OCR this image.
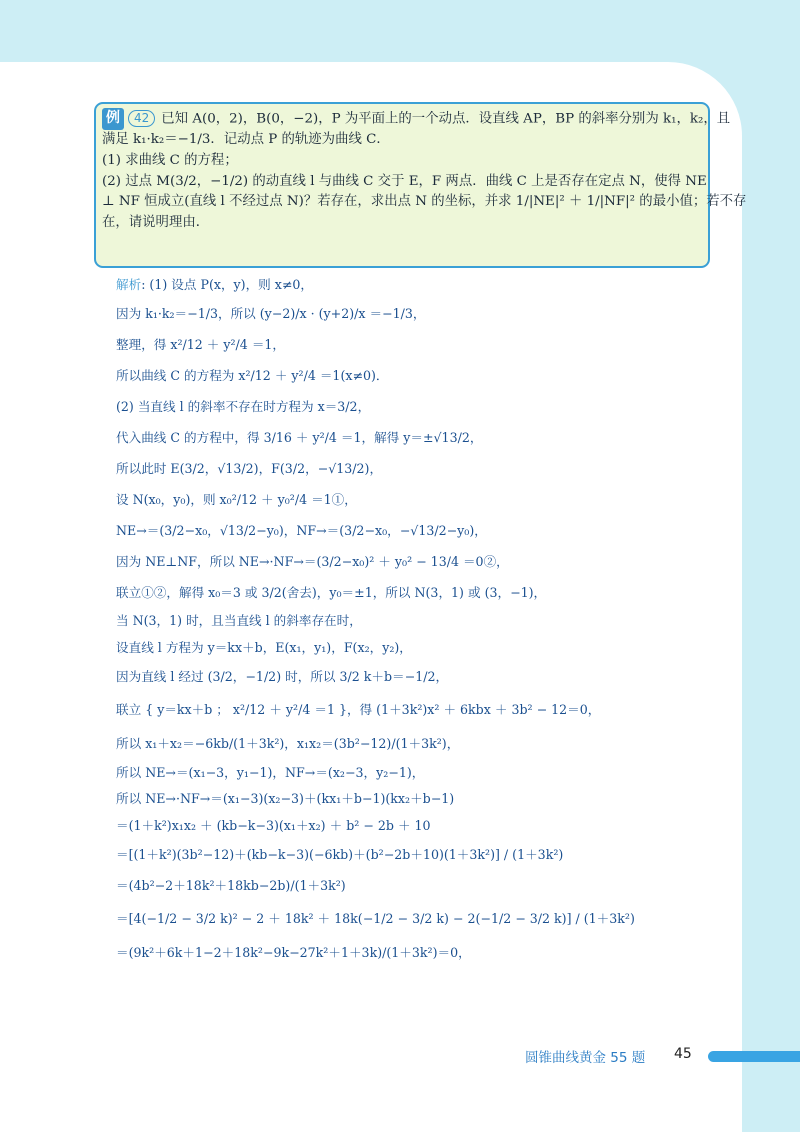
例	42 已知 A(0，2)，B(0，−2)，P 为平面上的一个动点．设直线 AP，BP 的斜率分别为 k₁，k₂，且
满足 k₁·k₂＝−1/3．记动点 P 的轨迹为曲线 C．
(1) 求曲线 C 的方程；
(2) 过点 M(3/2，−1/2) 的动直线 l 与曲线 C 交于 E，F 两点．曲线 C 上是否存在定点 N，使得 NE
⊥ NF 恒成立(直线 l 不经过点 N)？若存在，求出点 N 的坐标，并求 1/|NE|² ＋ 1/|NF|² 的最小值；若不存
在，请说明理由．
解析 : (1) 设点 P(x，y)，则 x≠0，
因为 k₁·k₂＝−1/3，所以 (y−2)/x · (y+2)/x ＝−1/3，
整理，得 x²/12 ＋ y²/4 ＝1，
所以曲线 C 的方程为 x²/12 ＋ y²/4 ＝1(x≠0)．
(2) 当直线 l 的斜率不存在时方程为 x＝3/2，
代入曲线 C 的方程中，得 3/16 ＋ y²/4 ＝1，解得 y＝±√13/2，
所以此时 E(3/2，√13/2)，F(3/2，−√13/2)，
设 N(x₀，y₀)，则 x₀²/12 ＋ y₀²/4 ＝1①，
NE→＝(3/2−x₀，√13/2−y₀)，NF→＝(3/2−x₀，−√13/2−y₀)，
因为 NE⊥NF，所以 NE→·NF→＝(3/2−x₀)² ＋ y₀² − 13/4 ＝0②，
联立①②，解得 x₀＝3 或 3/2(舍去)，y₀＝±1，所以 N(3，1) 或 (3，−1)，
当 N(3，1) 时，且当直线 l 的斜率存在时，
设直线 l 方程为 y＝kx＋b，E(x₁，y₁)，F(x₂，y₂)，
因为直线 l 经过 (3/2，−1/2) 时，所以 3/2 k＋b＝−1/2，
联立 { y＝kx＋b ； x²/12 ＋ y²/4 ＝1 }，得 (1＋3k²)x² ＋ 6kbx ＋ 3b² − 12＝0，
所以 x₁＋x₂＝−6kb/(1＋3k²)，x₁x₂＝(3b²−12)/(1＋3k²)，
所以 NE→＝(x₁−3，y₁−1)，NF→＝(x₂−3，y₂−1)，
所以 NE→·NF→＝(x₁−3)(x₂−3)＋(kx₁＋b−1)(kx₂＋b−1)
＝(1＋k²)x₁x₂ ＋ (kb−k−3)(x₁＋x₂) ＋ b² − 2b ＋ 10
＝[(1＋k²)(3b²−12)＋(kb−k−3)(−6kb)＋(b²−2b＋10)(1＋3k²)] / (1＋3k²)
＝(4b²−2＋18k²＋18kb−2b)/(1＋3k²)
＝[4(−1/2 − 3/2 k)² − 2 ＋ 18k² ＋ 18k(−1/2 − 3/2 k) − 2(−1/2 − 3/2 k)] / (1＋3k²)
＝(9k²＋6k＋1−2＋18k²−9k−27k²＋1＋3k)/(1＋3k²)＝0，
圆锥曲线黄金 55 题 45
